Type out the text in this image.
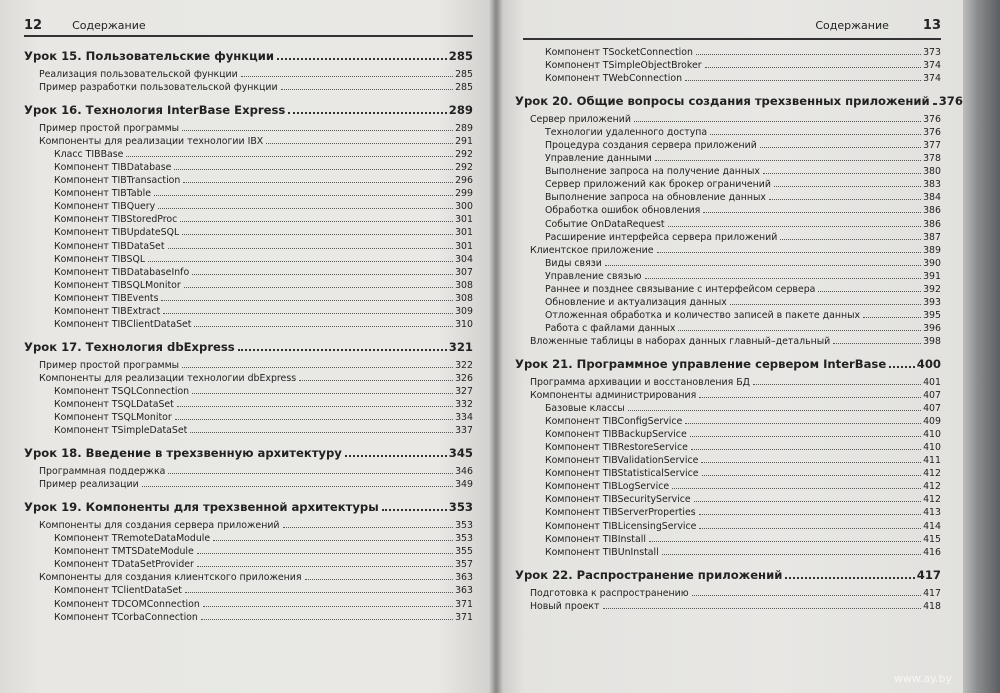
12	Содержание
Урок 15. Пользовательские функции	285
Реализация пользовательской функции	285
Пример разработки пользовательской функции	285
Урок 16. Технология InterBase Express	289
Пример простой программы	289
Компоненты для реализации технологии IBX	291
Класс TIBBase	292
Компонент TIBDatabase	292
Компонент TIBTransaction	296
Компонент TIBTable	299
Компонент TIBQuery	300
Компонент TIBStoredProc	301
Компонент TIBUpdateSQL	301
Компонент TIBDataSet	301
Компонент TIBSQL	304
Компонент TIBDatabaseInfo	307
Компонент TIBSQLMonitor	308
Компонент TIBEvents	308
Компонент TIBExtract	309
Компонент TIBClientDataSet	310
Урок 17. Технология dbExpress	321
Пример простой программы	322
Компоненты для реализации технологии dbExpress	326
Компонент TSQLConnection	327
Компонент TSQLDataSet	332
Компонент TSQLMonitor	334
Компонент TSimpleDataSet	337
Урок 18. Введение в трехзвенную архитектуру	345
Программная поддержка	346
Пример реализации	349
Урок 19. Компоненты для трехзвенной архитектуры	353
Компоненты для создания сервера приложений	353
Компонент TRemoteDataModule	353
Компонент TMTSDateModule	355
Компонент TDataSetProvider	357
Компоненты для создания клиентского приложения	363
Компонент TClientDataSet	363
Компонент TDCOMConnection	371
Компонент TCorbaConnection	371
Содержание	13
Компонент TSocketConnection	373
Компонент TSimpleObjectBroker	374
Компонент TWebConnection	374
Урок 20. Общие вопросы создания трехзвенных приложений 376
Сервер приложений	376
Технологии удаленного доступа	376
Процедура создания сервера приложений	377
Управление данными	378
Выполнение запроса на получение данных	380
Сервер приложений как брокер ограничений	383
Выполнение запроса на обновление данных	384
Обработка ошибок обновления	386
Событие OnDataRequest	386
Расширение интерфейса сервера приложений	387
Клиентское приложение	389
Виды связи	390
Управление связью	391
Раннее и позднее связывание с интерфейсом сервера	392
Обновление и актуализация данных	393
Отложенная обработка и количество записей в пакете данных	395
Работа с файлами данных	396
Вложенные таблицы в наборах данных главный–детальный	398
Урок 21. Программное управление сервером InterBase	400
Программа архивации и восстановления БД	401
Компоненты администрирования	407
Базовые классы	407
Компонент TIBConfigService	409
Компонент TIBBackupService	410
Компонент TIBRestoreService	410
Компонент TIBValidationService	411
Компонент TIBStatisticalService	412
Компонент TIBLogService	412
Компонент TIBSecurityService	412
Компонент TIBServerProperties	413
Компонент TIBLicensingService	414
Компонент TIBInstall	415
Компонент TIBUnInstall	416
Урок 22. Распространение приложений	417
Подготовка к распространению	417
Новый проект	418
www.ay.by
